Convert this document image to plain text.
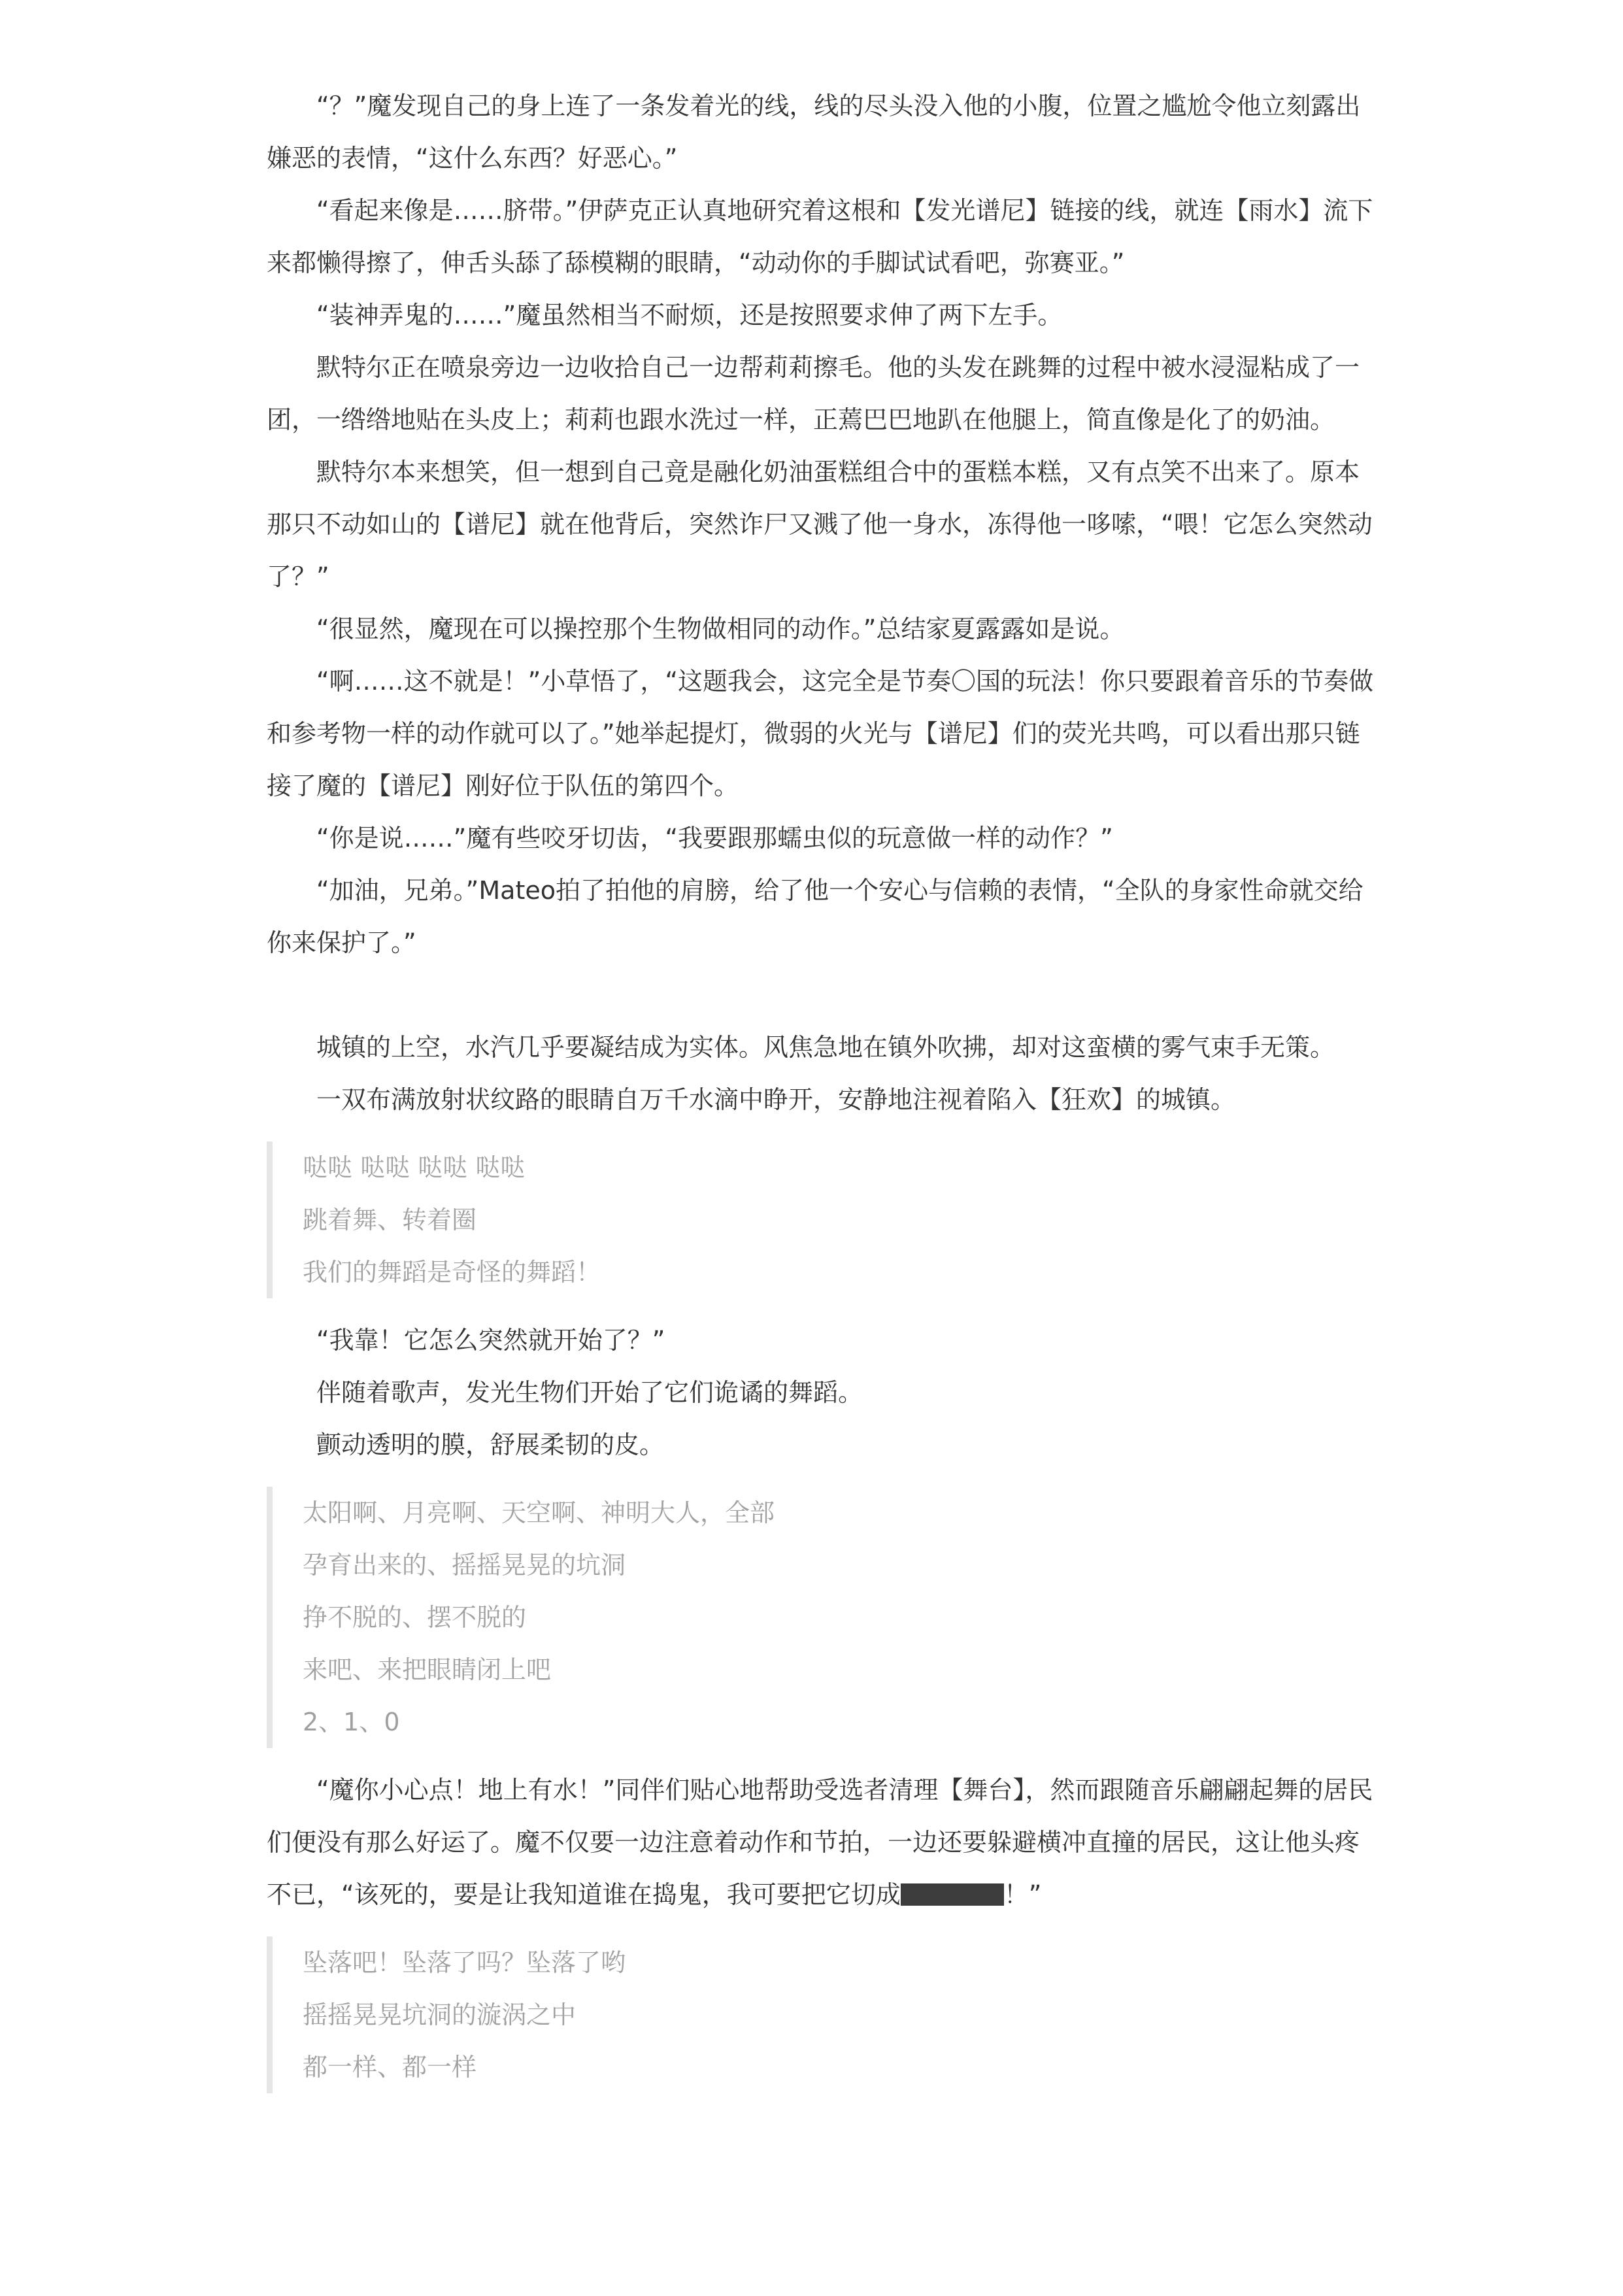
“？”魔发现自己的身上连了一条发着光的线，线的尽头没入他的小腹，位置之尴尬令他立刻露出嫌恶的表情，“这什么东西？好恶心。”

“看起来像是……脐带。”伊萨克正认真地研究着这根和【发光谱尼】链接的线，就连【雨水】流下来都懒得擦了，伸舌头舔了舔模糊的眼睛，“动动你的手脚试试看吧，弥赛亚。”

“装神弄鬼的……”魔虽然相当不耐烦，还是按照要求伸了两下左手。

默特尔正在喷泉旁边一边收拾自己一边帮莉莉擦毛。他的头发在跳舞的过程中被水浸湿粘成了一团，一绺绺地贴在头皮上；莉莉也跟水洗过一样，正蔫巴巴地趴在他腿上，简直像是化了的奶油。

默特尔本来想笑，但一想到自己竟是融化奶油蛋糕组合中的蛋糕本糕，又有点笑不出来了。原本那只不动如山的【谱尼】就在他背后，突然诈尸又溅了他一身水，冻得他一哆嗦，“喂！它怎么突然动了？”

“很显然，魔现在可以操控那个生物做相同的动作。”总结家夏露露如是说。

“啊……这不就是！”小草悟了，“这题我会，这完全是节奏〇国的玩法！你只要跟着音乐的节奏做和参考物一样的动作就可以了。”她举起提灯，微弱的火光与【谱尼】们的荧光共鸣，可以看出那只链接了魔的【谱尼】刚好位于队伍的第四个。

“你是说……”魔有些咬牙切齿，“我要跟那蠕虫似的玩意做一样的动作？”

“加油，兄弟。”Mateo拍了拍他的肩膀，给了他一个安心与信赖的表情，“全队的身家性命就交给你来保护了。”

城镇的上空，水汽几乎要凝结成为实体。风焦急地在镇外吹拂，却对这蛮横的雾气束手无策。

一双布满放射状纹路的眼睛自万千水滴中睁开，安静地注视着陷入【狂欢】的城镇。

哒哒 哒哒 哒哒 哒哒

跳着舞、转着圈

我们的舞蹈是奇怪的舞蹈！

“我靠！它怎么突然就开始了？”

伴随着歌声，发光生物们开始了它们诡谲的舞蹈。

颤动透明的膜，舒展柔韧的皮。

太阳啊、月亮啊、天空啊、神明大人，全部

孕育出来的、摇摇晃晃的坑洞

挣不脱的、摆不脱的

来吧、来把眼睛闭上吧

2、1、0

“魔你小心点！地上有水！”同伴们贴心地帮助受选者清理【舞台】，然而跟随音乐翩翩起舞的居民们便没有那么好运了。魔不仅要一边注意着动作和节拍，一边还要躲避横冲直撞的居民，这让他头疼不已，“该死的，要是让我知道谁在捣鬼，我可要把它切成	！”

坠落吧！坠落了吗？坠落了哟

摇摇晃晃坑洞的漩涡之中

都一样、都一样
